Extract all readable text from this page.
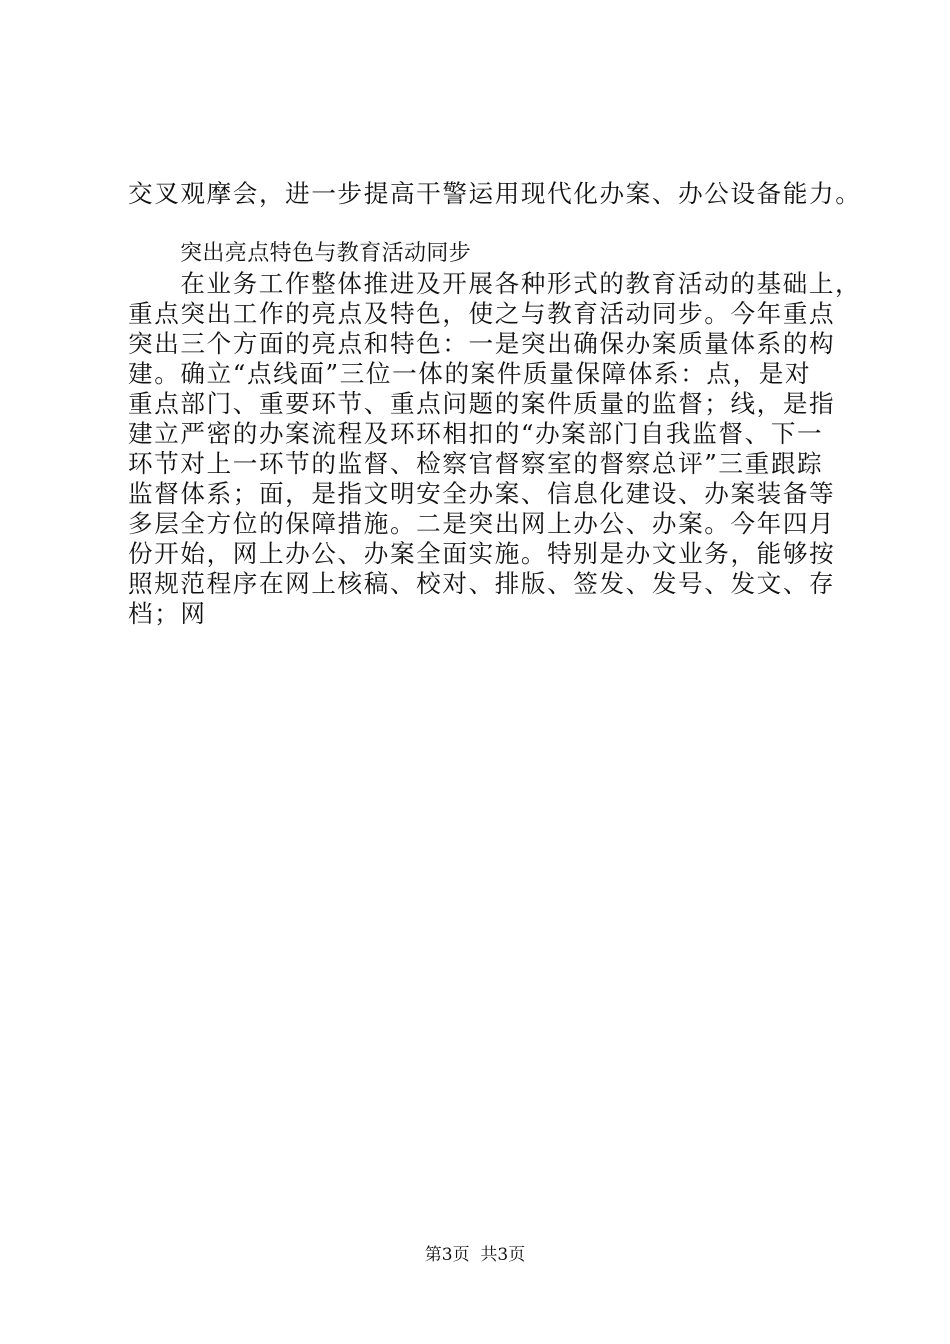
交叉观摩会，进一步提高干警运用现代化办案、办公设备能力。
突出亮点特色与教育活动同步
　在业务工作整体推进及开展各种形式的教育活动的基础上，
重点突出工作的亮点及特色，使之与教育活动同步。今年重点
突出三个方面的亮点和特色：一是突出确保办案质量体系的构
建。确立“点线面”三位一体的案件质量保障体系：点，是对
重点部门、重要环节、重点问题的案件质量的监督；线，是指
建立严密的办案流程及环环相扣的“办案部门自我监督、下一
环节对上一环节的监督、检察官督察室的督察总评”三重跟踪
监督体系；面，是指文明安全办案、信息化建设、办案装备等
多层全方位的保障措施。二是突出网上办公、办案。今年四月
份开始，网上办公、办案全面实施。特别是办文业务，能够按
照规范程序在网上核稿、校对、排版、签发、发号、发文、存
档；网
第3页  共3页
